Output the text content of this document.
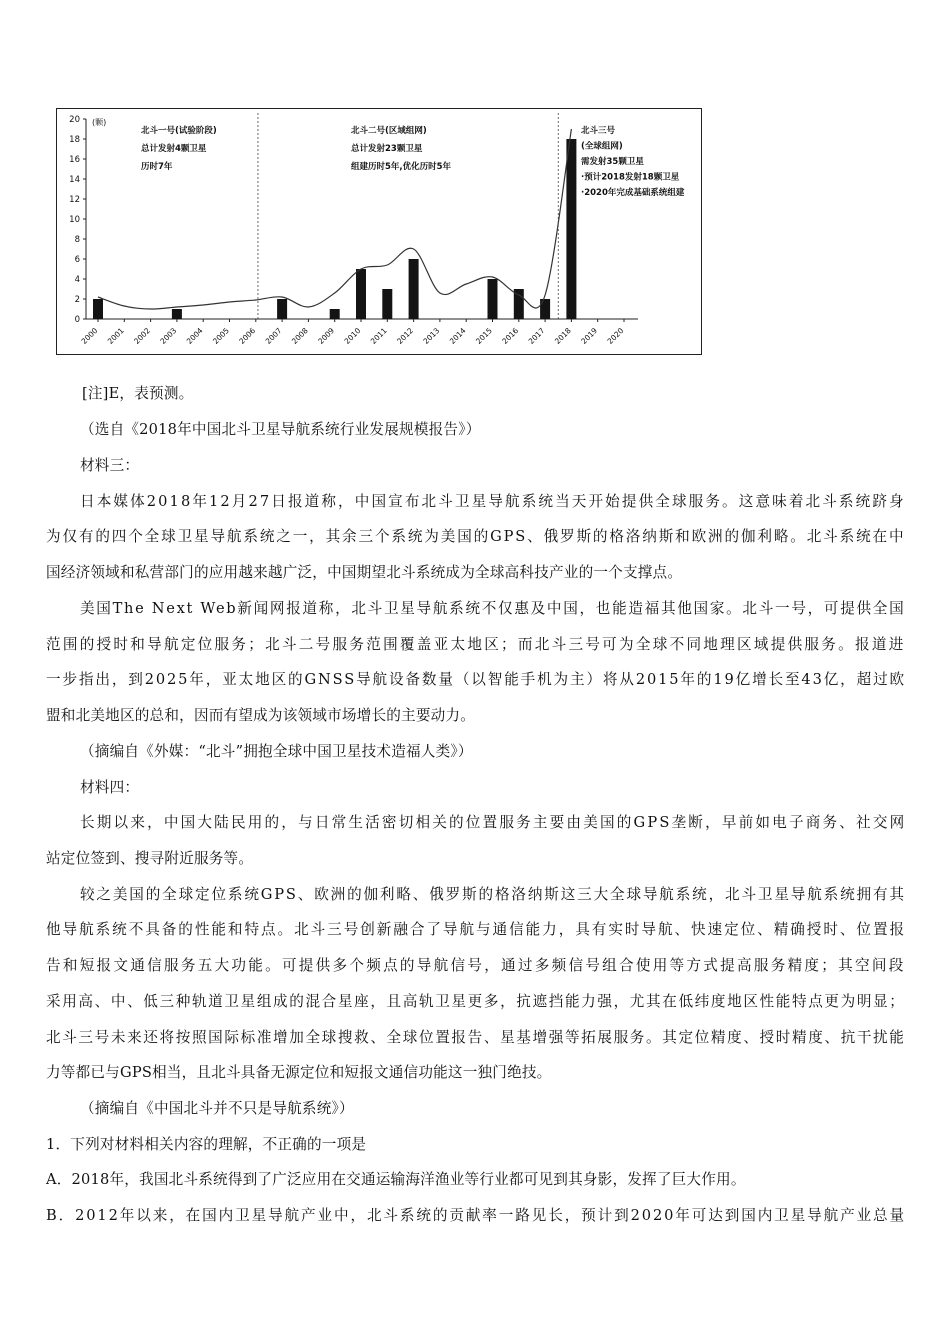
0
2
4
6
8
10
12
14
16
18
20 (颗)
2000 2001 2002 2003 2004 2005 2006 2007 2008 2009 2010 2011 2012 2013 2014 2015 2016 2017 2018 2019 2020
北斗一号(试验阶段)
总计发射4颗卫星
历时7年
北斗二号(区域组网)
总计发射23颗卫星
组建历时5年,优化历时5年
北斗三号
(全球组网)
需发射35颗卫星
·预计2018发射18颗卫星
·2020年完成基础系统组建
[注]E，表预测。
（选自《2018年中国北斗卫星导航系统行业发展规模报告》）
材料三：
日本媒体2018年12月27日报道称，中国宣布北斗卫星导航系统当天开始提供全球服务。这意味着北斗系统跻身
为仅有的四个全球卫星导航系统之一，其余三个系统为美国的GPS、俄罗斯的格洛纳斯和欧洲的伽利略。北斗系统在中
国经济领域和私营部门的应用越来越广泛，中国期望北斗系统成为全球高科技产业的一个支撑点。
美国The Next Web新闻网报道称，北斗卫星导航系统不仅惠及中国，也能造福其他国家。北斗一号，可提供全国
范围的授时和导航定位服务；北斗二号服务范围覆盖亚太地区；而北斗三号可为全球不同地理区域提供服务。报道进
一步指出，到2025年，亚太地区的GNSS导航设备数量（以智能手机为主）将从2015年的19亿增长至43亿，超过欧
盟和北美地区的总和，因而有望成为该领域市场增长的主要动力。
（摘编自《外媒：“北斗”拥抱全球中国卫星技术造福人类》）
材料四：
长期以来，中国大陆民用的，与日常生活密切相关的位置服务主要由美国的GPS垄断，早前如电子商务、社交网
站定位签到、搜寻附近服务等。
较之美国的全球定位系统GPS、欧洲的伽利略、俄罗斯的格洛纳斯这三大全球导航系统，北斗卫星导航系统拥有其
他导航系统不具备的性能和特点。北斗三号创新融合了导航与通信能力，具有实时导航、快速定位、精确授时、位置报
告和短报文通信服务五大功能。可提供多个频点的导航信号，通过多频信号组合使用等方式提高服务精度；其空间段
采用高、中、低三种轨道卫星组成的混合星座，且高轨卫星更多，抗遮挡能力强，尤其在低纬度地区性能特点更为明显；
北斗三号未来还将按照国际标准增加全球搜救、全球位置报告、星基增强等拓展服务。其定位精度、授时精度、抗干扰能
力等都已与GPS相当，且北斗具备无源定位和短报文通信功能这一独门绝技。
（摘编自《中国北斗并不只是导航系统》）
1．下列对材料相关内容的理解，不正确的一项是
A．2018年，我国北斗系统得到了广泛应用在交通运输海洋渔业等行业都可见到其身影，发挥了巨大作用。
B．2012年以来，在国内卫星导航产业中，北斗系统的贡献率一路见长，预计到2020年可达到国内卫星导航产业总量
